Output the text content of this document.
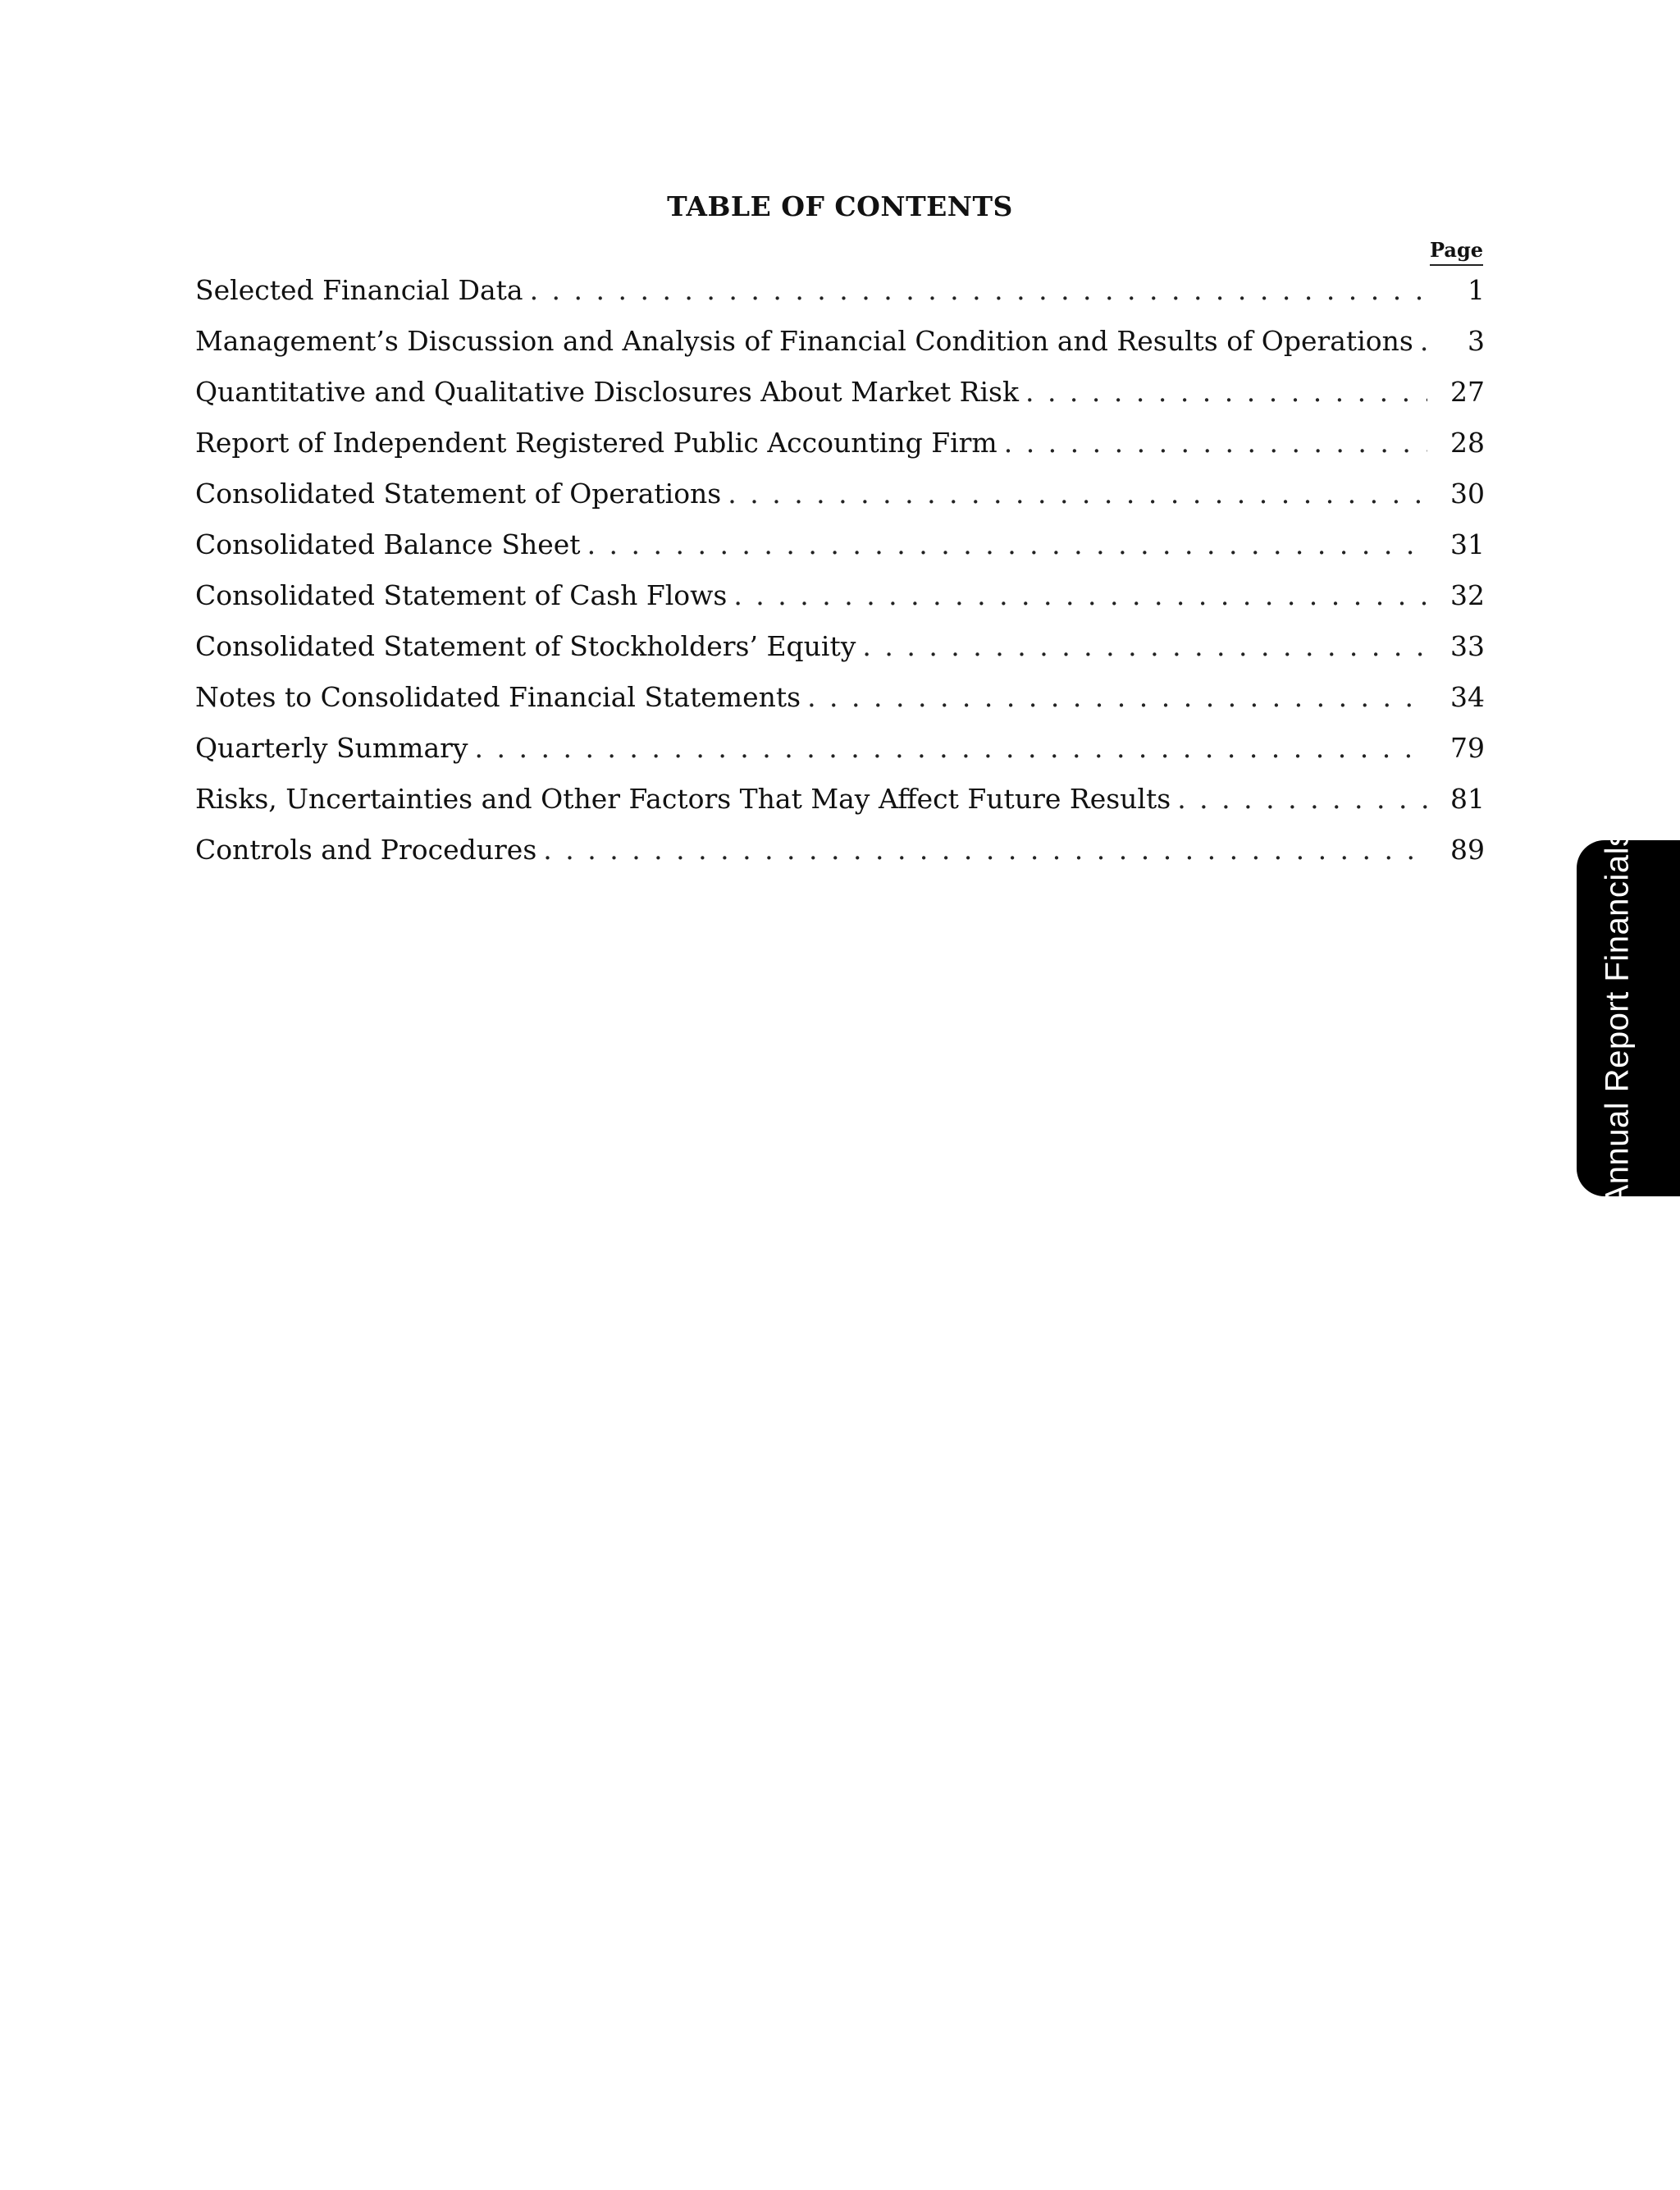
TABLE OF CONTENTS
Page
Selected Financial Data . . .	1
Management’s Discussion and Analysis of Financial Condition and Results of Operations . . .	3
Quantitative and Qualitative Disclosures About Market Risk . . .	27
Report of Independent Registered Public Accounting Firm . . .	28
Consolidated Statement of Operations . . .	30
Consolidated Balance Sheet . . .	31
Consolidated Statement of Cash Flows . . .	32
Consolidated Statement of Stockholders’ Equity . . .	33
Notes to Consolidated Financial Statements . . .	34
Quarterly Summary . . .	79
Risks, Uncertainties and Other Factors That May Affect Future Results . . .	81
Controls and Procedures . . .	89	Annual Report Financials
